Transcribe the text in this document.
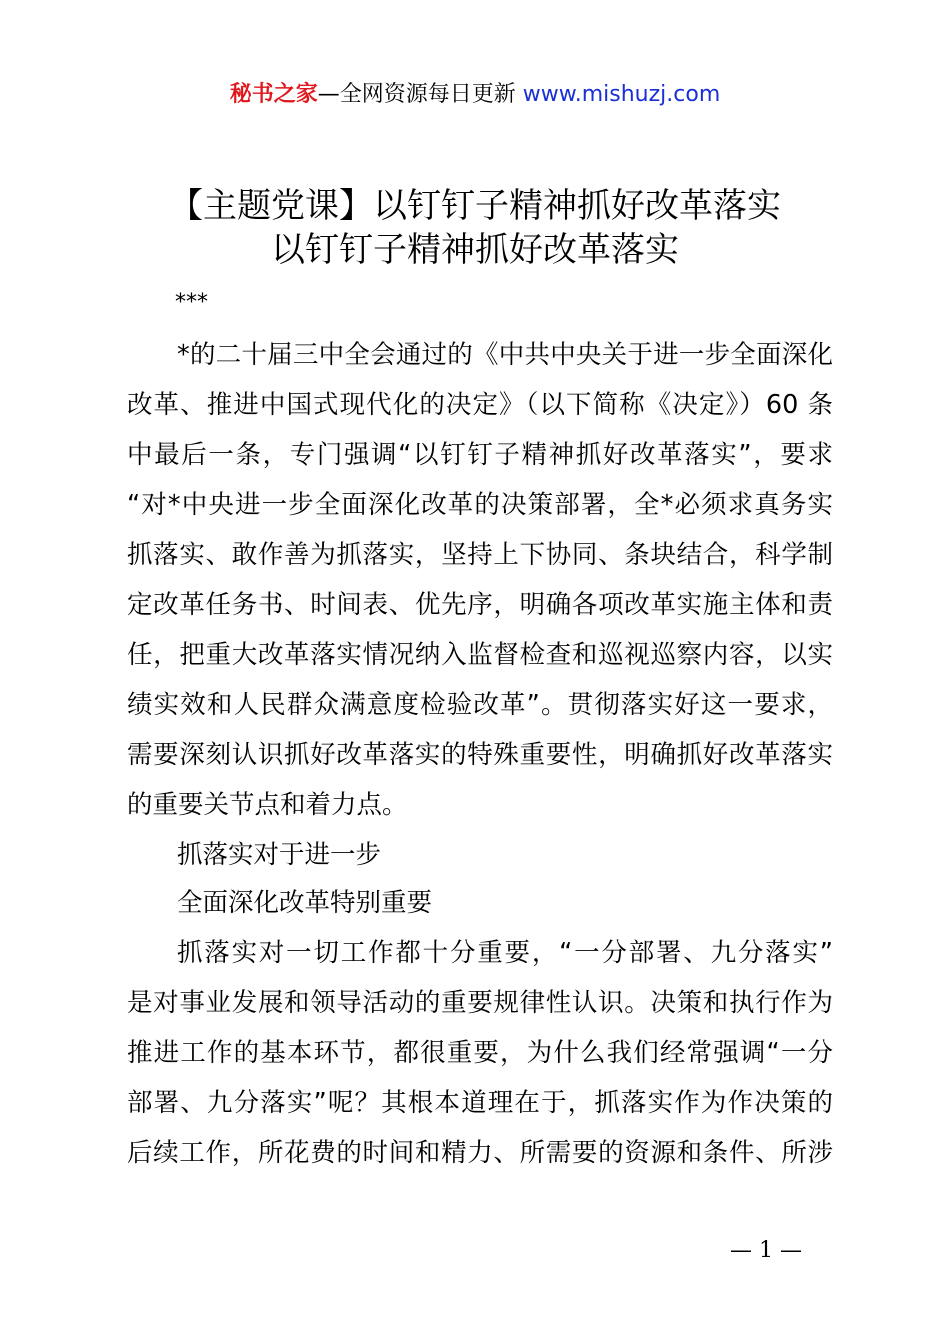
秘书之家—全网资源每日更新 www.mishuzj.com
【主题党课】以钉钉子精神抓好改革落实
以钉钉子精神抓好改革落实
***
*的二十届三中全会通过的《中共中央关于进一步全面深化
改革、推进中国式现代化的决定》（以下简称《决定》）60 条
中最后一条，专门强调“以钉钉子精神抓好改革落实”，要求
“对*中央进一步全面深化改革的决策部署，全*必须求真务实
抓落实、敢作善为抓落实，坚持上下协同、条块结合，科学制
定改革任务书、时间表、优先序，明确各项改革实施主体和责
任，把重大改革落实情况纳入监督检查和巡视巡察内容，以实
绩实效和人民群众满意度检验改革”。贯彻落实好这一要求，
需要深刻认识抓好改革落实的特殊重要性，明确抓好改革落实
的重要关节点和着力点。
抓落实对于进一步
全面深化改革特别重要
抓落实对一切工作都十分重要，“一分部署、九分落实”
是对事业发展和领导活动的重要规律性认识。决策和执行作为
推进工作的基本环节，都很重要，为什么我们经常强调“一分
部署、九分落实”呢？其根本道理在于，抓落实作为作决策的
后续工作，所花费的时间和精力、所需要的资源和条件、所涉
— 1 —
